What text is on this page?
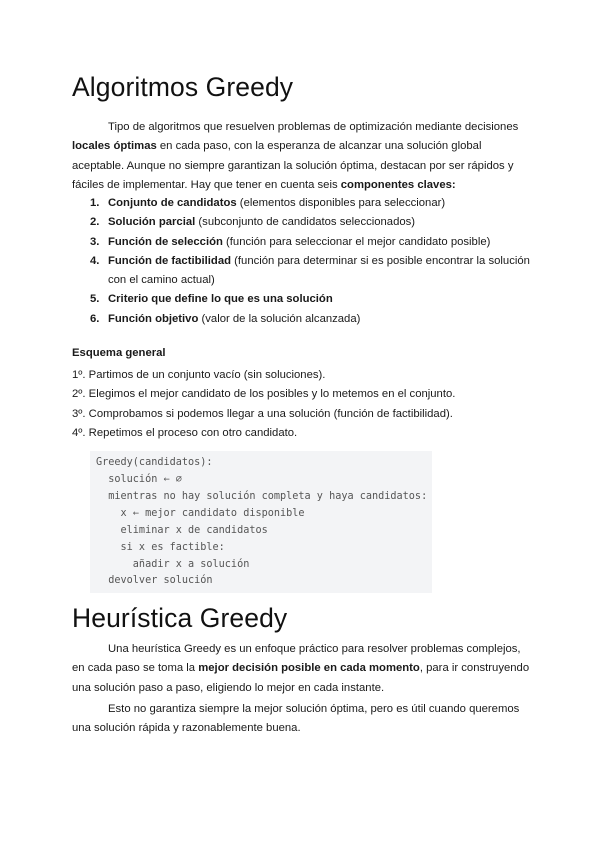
Algoritmos Greedy

Tipo de algoritmos que resuelven problemas de optimización mediante decisiones locales óptimas en cada paso, con la esperanza de alcanzar una solución global aceptable. Aunque no siempre garantizan la solución óptima, destacan por ser rápidos y fáciles de implementar. Hay que tener en cuenta seis componentes claves:

1. Conjunto de candidatos (elementos disponibles para seleccionar)
2. Solución parcial (subconjunto de candidatos seleccionados)
3. Función de selección (función para seleccionar el mejor candidato posible)
4. Función de factibilidad (función para determinar si es posible encontrar la solución con el camino actual)
5. Criterio que define lo que es una solución
6. Función objetivo (valor de la solución alcanzada)

Esquema general

1º. Partimos de un conjunto vacío (sin soluciones).
2º. Elegimos el mejor candidato de los posibles y lo metemos en el conjunto.
3º. Comprobamos si podemos llegar a una solución (función de factibilidad).
4º. Repetimos el proceso con otro candidato.
Greedy(candidatos):
solución ← ∅
mientras no hay solución completa y haya candidatos:
x ← mejor candidato disponible
eliminar x de candidatos
si x es factible:
añadir x a solución
devolver solución
Heurística Greedy

Una heurística Greedy es un enfoque práctico para resolver problemas complejos, en cada paso se toma la mejor decisión posible en cada momento, para ir construyendo una solución paso a paso, eligiendo lo mejor en cada instante.

Esto no garantiza siempre la mejor solución óptima, pero es útil cuando queremos una solución rápida y razonablemente buena.
